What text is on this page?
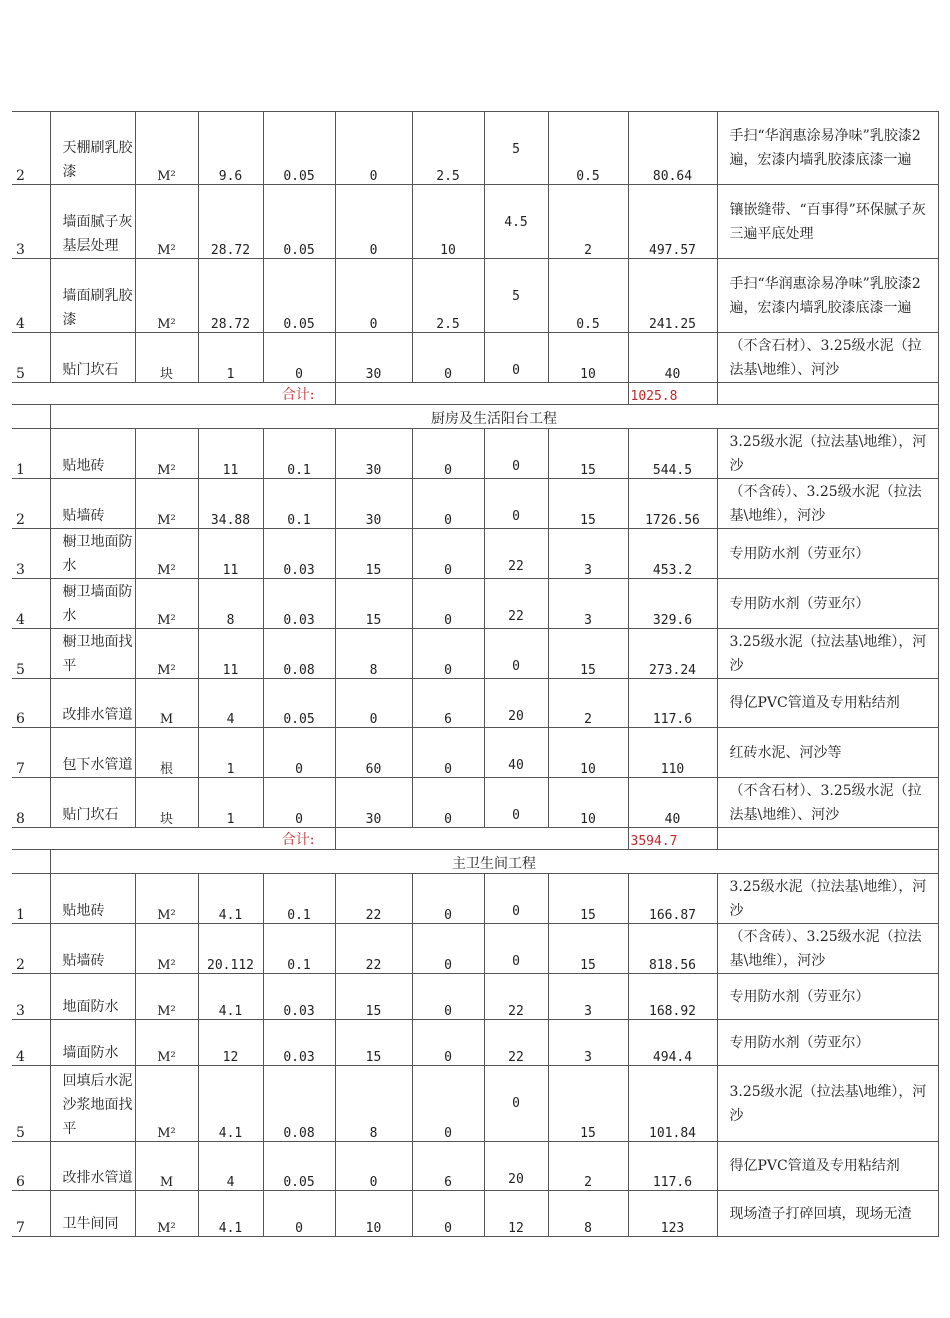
2	天棚刷乳胶漆	M²	9.6	0.05	0	2.5	5	0.5	80.64	手扫“华润惠涂易净味”乳胶漆2遍，宏漆内墙乳胶漆底漆一遍
3	墙面腻子灰基层处理	M²	28.72	0.05	0	10	4.5	2	497.57	镶嵌缝带、“百事得”环保腻子灰三遍平底处理
4	墙面刷乳胶漆	M²	28.72	0.05	0	2.5	5	0.5	241.25	手扫“华润惠涂易净味”乳胶漆2遍，宏漆内墙乳胶漆底漆一遍
5	贴门坎石	块	1	0	30	0	0	10	40	（不含石材）、3.25级水泥（拉法基\地维）、河沙
合计:									1025.8	
	厨房及生活阳台工程									
1	贴地砖	M²	11	0.1	30	0	0	15	544.5	3.25级水泥（拉法基\地维），河沙
2	贴墙砖	M²	34.88	0.1	30	0	0	15	1726.56	（不含砖）、3.25级水泥（拉法基\地维），河沙
3	橱卫地面防水	M²	11	0.03	15	0	22	3	453.2	专用防水剂（劳亚尔）
4	橱卫墙面防水	M²	8	0.03	15	0	22	3	329.6	专用防水剂（劳亚尔）
5	橱卫地面找平	M²	11	0.08	8	0	0	15	273.24	3.25级水泥（拉法基\地维），河沙
6	改排水管道	M	4	0.05	0	6	20	2	117.6	得亿PVC管道及专用粘结剂
7	包下水管道	根	1	0	60	0	40	10	110	红砖水泥、河沙等
8	贴门坎石	块	1	0	30	0	0	10	40	（不含石材）、3.25级水泥（拉法基\地维）、河沙
合计:									3594.7	
	主卫生间工程									
1	贴地砖	M²	4.1	0.1	22	0	0	15	166.87	3.25级水泥（拉法基\地维），河沙
2	贴墙砖	M²	20.112	0.1	22	0	0	15	818.56	（不含砖）、3.25级水泥（拉法基\地维），河沙
3	地面防水	M²	4.1	0.03	15	0	22	3	168.92	专用防水剂（劳亚尔）
4	墙面防水	M²	12	0.03	15	0	22	3	494.4	专用防水剂（劳亚尔）
5	回填后水泥沙浆地面找平	M²	4.1	0.08	8	0	0	15	101.84	3.25级水泥（拉法基\地维），河沙
6	改排水管道	M	4	0.05	0	6	20	2	117.6	得亿PVC管道及专用粘结剂
7	卫牛间同	M²	4.1	0	10	0	12	8	123	现场渣子打碎回填，现场无渣
